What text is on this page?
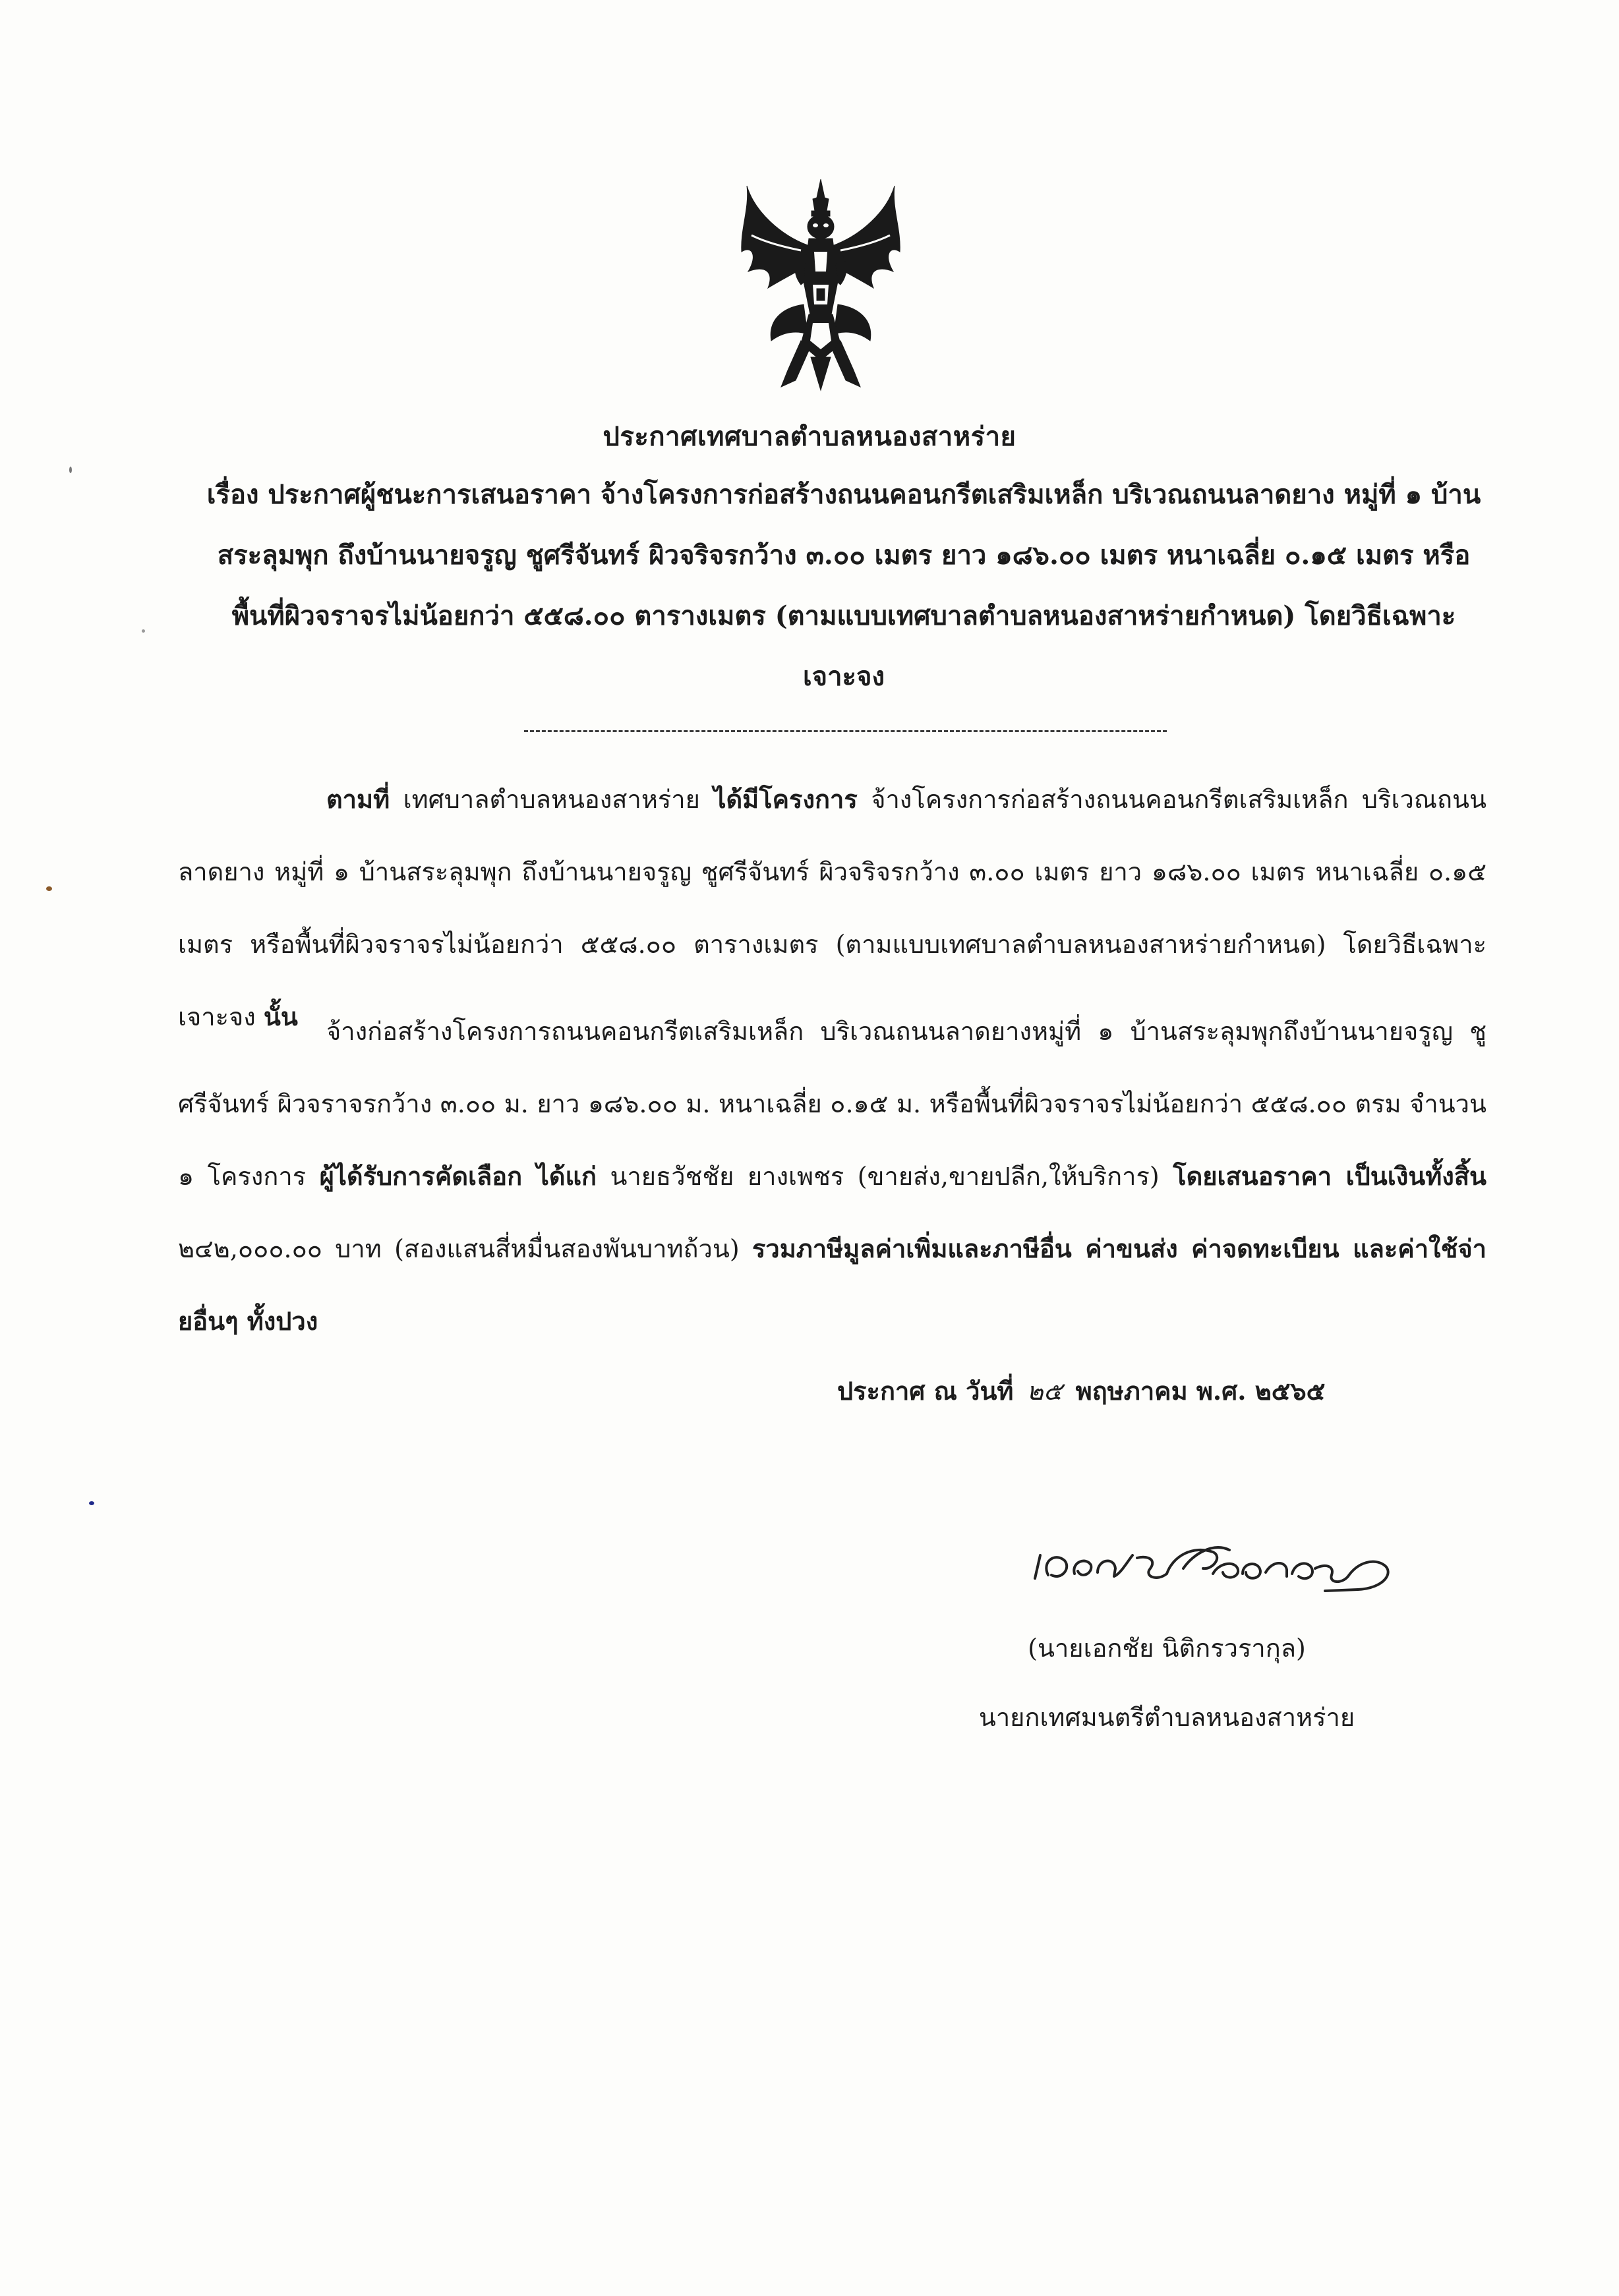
ประกาศเทศบาลตำบลหนองสาหร่าย
เรื่อง ประกาศผู้ชนะการเสนอราคา จ้างโครงการก่อสร้างถนนคอนกรีตเสริมเหล็ก บริเวณถนนลาดยาง หมู่ที่ ๑ บ้านสระลุมพุก ถึงบ้านนายจรูญ ชูศรีจันทร์ ผิวจริจรกว้าง ๓.๐๐ เมตร ยาว ๑๘๖.๐๐ เมตร หนาเฉลี่ย ๐.๑๕ เมตร หรือพื้นที่ผิวจราจรไม่น้อยกว่า ๕๕๘.๐๐ ตารางเมตร (ตามแบบเทศบาลตำบลหนองสาหร่ายกำหนด) โดยวิธีเฉพาะเจาะจง
ตามที่ เทศบาลตำบลหนองสาหร่าย ได้มีโครงการ จ้างโครงการก่อสร้างถนนคอนกรีตเสริมเหล็ก บริเวณถนนลาดยาง หมู่ที่ ๑ บ้านสระลุมพุก ถึงบ้านนายจรูญ ชูศรีจันทร์ ผิวจริจรกว้าง ๓.๐๐ เมตร ยาว ๑๘๖.๐๐ เมตร หนาเฉลี่ย ๐.๑๕ เมตร หรือพื้นที่ผิวจราจรไม่น้อยกว่า ๕๕๘.๐๐ ตารางเมตร (ตามแบบเทศบาลตำบลหนองสาหร่ายกำหนด) โดยวิธีเฉพาะเจาะจง นั้น	จ้างก่อสร้างโครงการถนนคอนกรีตเสริมเหล็ก บริเวณถนนลาดยางหมู่ที่ ๑ บ้านสระลุมพุกถึงบ้านนายจรูญ ชูศรีจันทร์ ผิวจราจรกว้าง ๓.๐๐ ม. ยาว ๑๘๖.๐๐ ม. หนาเฉลี่ย ๐.๑๕ ม. หรือพื้นที่ผิวจราจรไม่น้อยกว่า ๕๕๘.๐๐ ตรม จำนวน ๑ โครงการ ผู้ได้รับการคัดเลือก ได้แก่ นายธวัชชัย ยางเพชร (ขายส่ง,ขายปลีก,ให้บริการ) โดยเสนอราคา เป็นเงินทั้งสิ้น ๒๔๒,๐๐๐.๐๐ บาท (สองแสนสี่หมื่นสองพันบาทถ้วน) รวมภาษีมูลค่าเพิ่มและภาษีอื่น ค่าขนส่ง ค่าจดทะเบียน และค่าใช้จ่ายอื่นๆ ทั้งปวง
ประกาศ ณ วันที่ ๒๕ พฤษภาคม พ.ศ. ๒๕๖๕
(นายเอกชัย นิติกรวรากุล)
นายกเทศมนตรีตำบลหนองสาหร่าย
